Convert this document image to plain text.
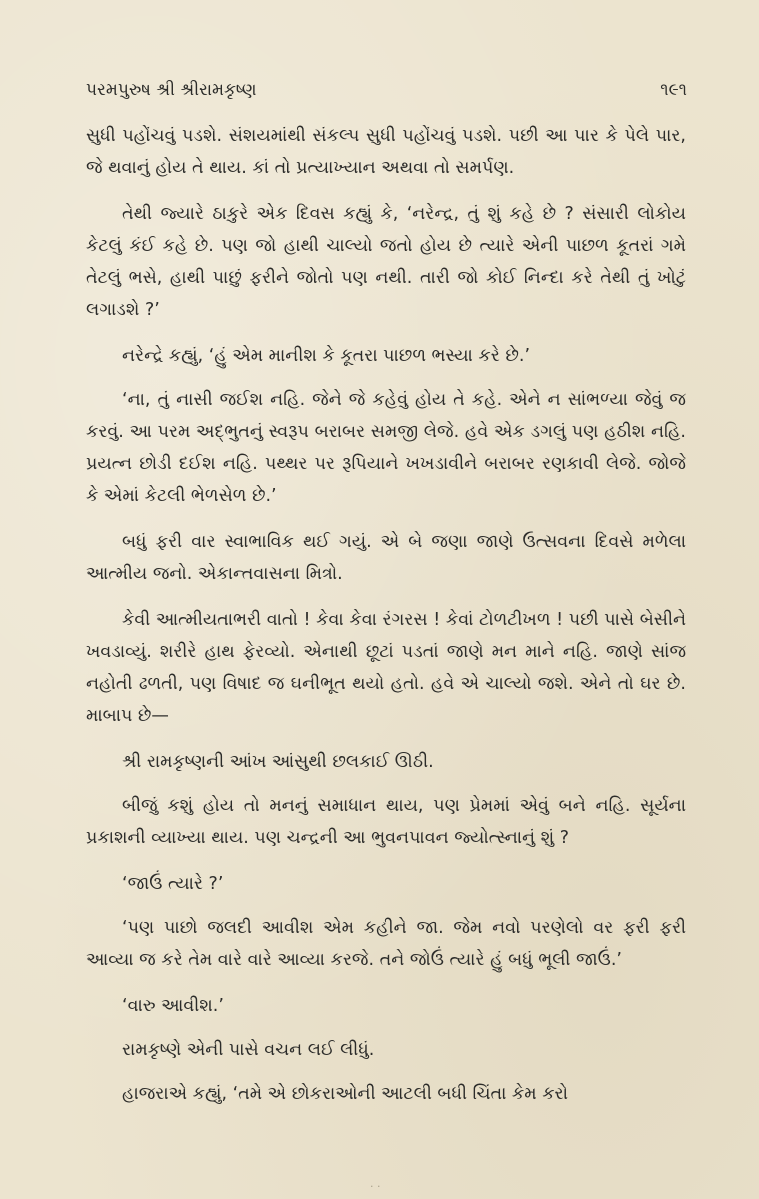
પરમપુરુષ શ્રી શ્રીરામકૃષ્ણ	૧૯૧

સુધી પહોંચવું પડશે. સંશયમાંથી સંકલ્પ સુધી પહોંચવું પડશે. પછી આ પાર કે પેલે પાર, જે થવાનું હોય તે થાય. કાં તો પ્રત્યાખ્યાન અથવા તો સમર્પણ.

તેથી જ્યારે ઠાકુરે એક દિવસ કહ્યું કે, ‘નરેન્દ્ર, તું શું કહે છે ? સંસારી લોકોય કેટલું કંઈ કહે છે. પણ જો હાથી ચાલ્યો જતો હોય છે ત્યારે એની પાછળ કૂતરાં ગમે તેટલું ભસે, હાથી પાછું ફરીને જોતો પણ નથી. તારી જો કોઈ નિન્દા કરે તેથી તું ખોટું લગાડશે ?’

નરેન્દ્રે કહ્યું, ‘હું એમ માનીશ કે કૂતરા પાછળ ભસ્યા કરે છે.’

‘ના, તું નાસી જઈશ નહિ. જેને જે કહેવું હોય તે કહે. એને ન સાંભળ્યા જેવું જ કરવું. આ પરમ અદ્ભુતનું સ્વરૂપ બરાબર સમજી લેજે. હવે એક ડગલું પણ હઠીશ નહિ. પ્રયત્ન છોડી દઈશ નહિ. પથ્થર પર રૂપિયાને ખખડાવીને બરાબર રણકાવી લેજે. જોજે કે એમાં કેટલી ભેળસેળ છે.’

બધું ફરી વાર સ્વાભાવિક થઈ ગયું. એ બે જણા જાણે ઉત્સવના દિવસે મળેલા આત્મીય જનો. એકાન્તવાસના મિત્રો.

કેવી આત્મીયતાભરી વાતો ! કેવા કેવા રંગરસ ! કેવાં ટોળટીખળ ! પછી પાસે બેસીને ખવડાવ્યું. શરીરે હાથ ફેરવ્યો. એનાથી છૂટાં પડતાં જાણે મન માને નહિ. જાણે સાંજ નહોતી ઢળતી, પણ વિષાદ જ ઘનીભૂત થયો હતો. હવે એ ચાલ્યો જશે. એને તો ઘર છે. માબાપ છે—

શ્રી રામકૃષ્ણની આંખ આંસુથી છલકાઈ ઊઠી.

બીજું કશું હોય તો મનનું સમાધાન થાય, પણ પ્રેમમાં એવું બને નહિ. સૂર્યના પ્રકાશની વ્યાખ્યા થાય. પણ ચન્દ્રની આ ભુવનપાવન જ્યોત્સ્નાનું શું ?

‘જાઉં ત્યારે ?’

‘પણ પાછો જલદી આવીશ એમ કહીને જા. જેમ નવો પરણેલો વર ફરી ફરી આવ્યા જ કરે તેમ વારે વારે આવ્યા કરજે. તને જોઉં ત્યારે હું બધું ભૂલી જાઉં.’

‘વારુ આવીશ.’

રામકૃષ્ણે એની પાસે વચન લઈ લીધું.

હાજરાએ કહ્યું, ‘તમે એ છોકરાઓની આટલી બધી ચિંતા કેમ કરો

· ·
